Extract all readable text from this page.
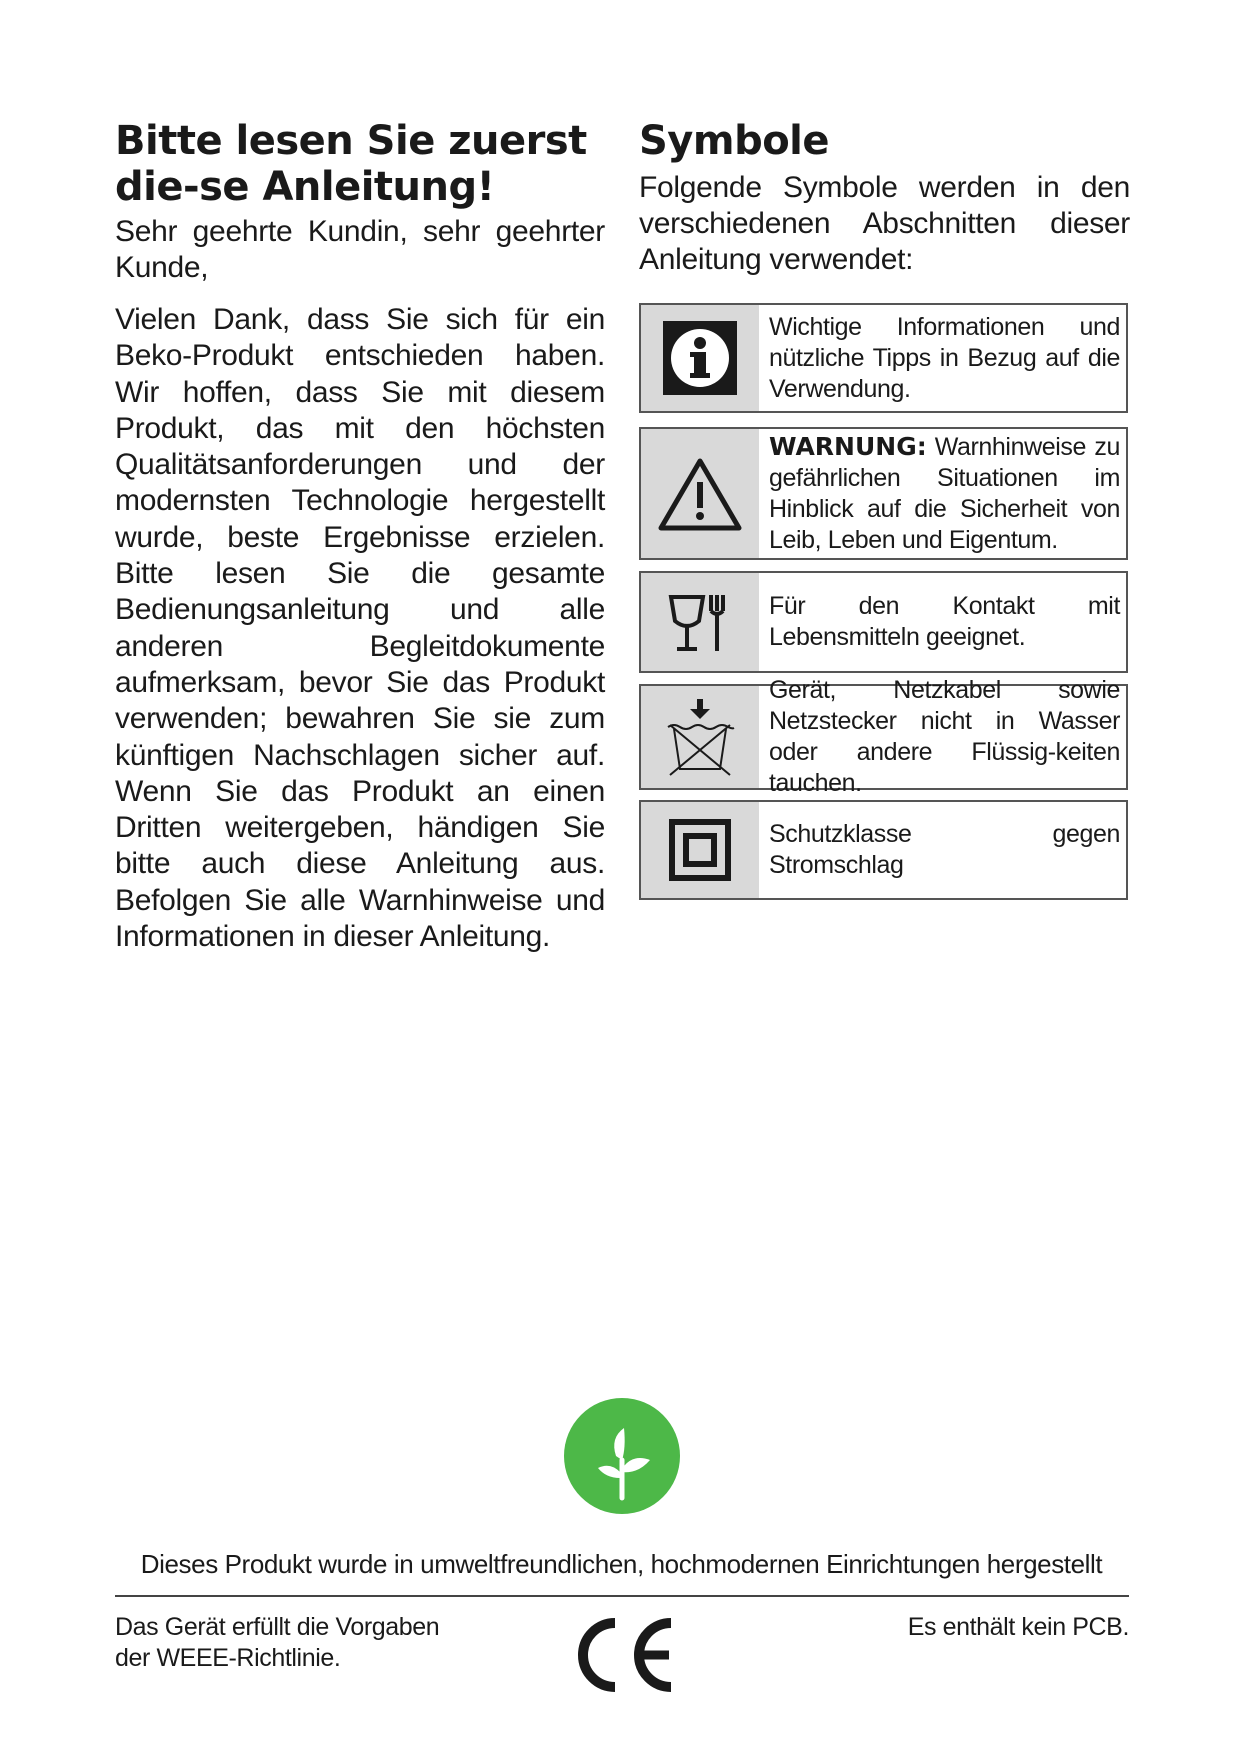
Bitte lesen Sie zuerst die-se Anleitung!

Sehr geehrte Kundin, sehr geehrter Kunde,

Vielen Dank, dass Sie sich für ein Beko-Produkt entschieden haben. Wir hoffen, dass Sie mit diesem Produkt, das mit den höchsten Qualitätsanforderungen und der modernsten Technologie hergestellt wurde, beste Ergebnisse erzielen. Bitte lesen Sie die gesamte Bedienungsanleitung und alle anderen Begleitdokumente aufmerksam, bevor Sie das Produkt verwenden; bewahren Sie sie zum künftigen Nachschlagen sicher auf. Wenn Sie das Produkt an einen Dritten weitergeben, händigen Sie bitte auch diese Anleitung aus. Befolgen Sie alle Warnhinweise und Informationen in dieser Anleitung.

Symbole

Folgende Symbole werden in den verschiedenen Abschnitten dieser Anleitung verwendet:

Wichtige Informationen und nützliche Tipps in Bezug auf die Verwendung.
WARNUNG: Warnhinweise zu gefährlichen Situationen im Hinblick auf die Sicherheit von Leib, Leben und Eigentum.
Für den Kontakt mit Lebensmitteln geeignet.
Gerät, Netzkabel sowie Netzstecker nicht in Wasser oder andere Flüssig-keiten tauchen.
Schutzklasse gegen Stromschlag
Dieses Produkt wurde in umweltfreundlichen, hochmodernen Einrichtungen hergestellt
Das Gerät erfüllt die Vorgaben der WEEE-Richtlinie.
Es enthält kein PCB.
